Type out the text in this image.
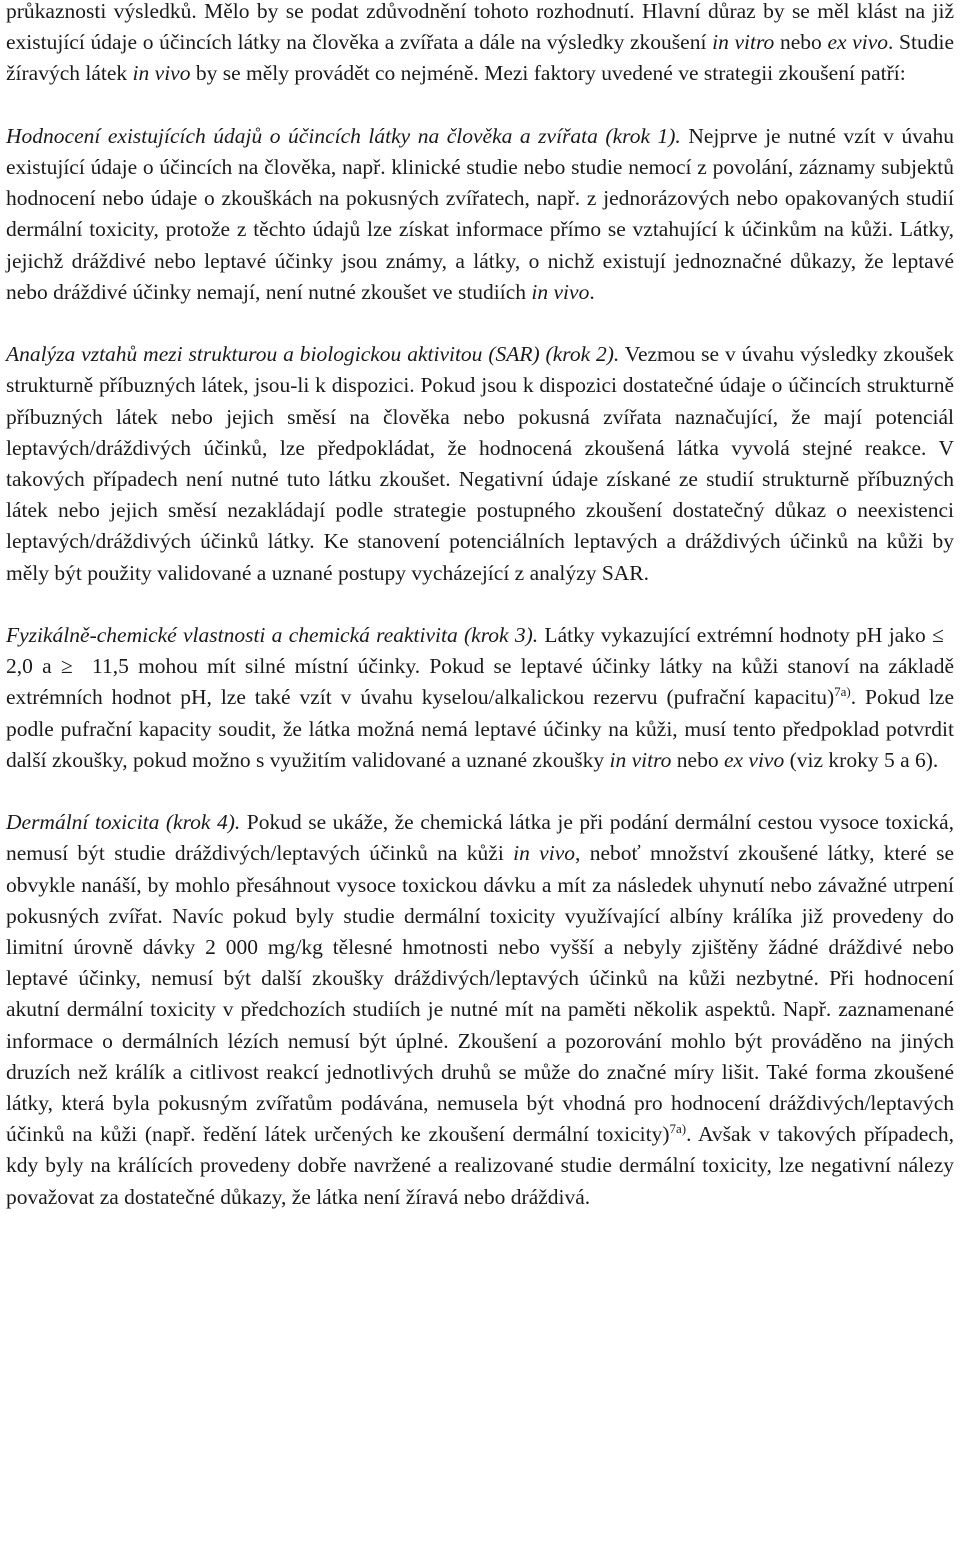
průkaznosti výsledků. Mělo by se podat zdůvodnění tohoto rozhodnutí. Hlavní důraz by se měl klást na již existující údaje o účincích látky na člověka a zvířata a dále na výsledky zkoušení in vitro nebo ex vivo. Studie žíravých látek in vivo by se měly provádět co nejméně. Mezi faktory uvedené ve strategii zkoušení patří:

Hodnocení existujících údajů o účincích látky na člověka a zvířata (krok 1). Nejprve je nutné vzít v úvahu existující údaje o účincích na člověka, např. klinické studie nebo studie nemocí z povolání, záznamy subjektů hodnocení nebo údaje o zkouškách na pokusných zvířatech, např. z jednorázových nebo opakovaných studií dermální toxicity, protože z těchto údajů lze získat informace přímo se vztahující k účinkům na kůži. Látky, jejichž dráždivé nebo leptavé účinky jsou známy, a látky, o nichž existují jednoznačné důkazy, že leptavé nebo dráždivé účinky nemají, není nutné zkoušet ve studiích in vivo.

Analýza vztahů mezi strukturou a biologickou aktivitou (SAR) (krok 2). Vezmou se v úvahu výsledky zkoušek strukturně příbuzných látek, jsou-li k dispozici. Pokud jsou k dispozici dostatečné údaje o účincích strukturně příbuzných látek nebo jejich směsí na člověka nebo pokusná zvířata naznačující, že mají potenciál leptavých/dráždivých účinků, lze předpokládat, že hodnocená zkoušená látka vyvolá stejné reakce. V takových případech není nutné tuto látku zkoušet. Negativní údaje získané ze studií strukturně příbuzných látek nebo jejich směsí nezakládají podle strategie postupného zkoušení dostatečný důkaz o neexistenci leptavých/dráždivých účinků látky. Ke stanovení potenciálních leptavých a dráždivých účinků na kůži by měly být použity validované a uznané postupy vycházející z analýzy SAR.

Fyzikálně-chemické vlastnosti a chemická reaktivita (krok 3). Látky vykazující extrémní hodnoty pH jako ≤ 2,0 a ≥ 11,5 mohou mít silné místní účinky. Pokud se leptavé účinky látky na kůži stanoví na základě extrémních hodnot pH, lze také vzít v úvahu kyselou/alkalickou rezervu (pufrační kapacitu)$^{7a)}$. Pokud lze podle pufrační kapacity soudit, že látka možná nemá leptavé účinky na kůži, musí tento předpoklad potvrdit další zkoušky, pokud možno s využitím validované a uznané zkoušky in vitro nebo ex vivo (viz kroky 5 a 6).

Dermální toxicita (krok 4). Pokud se ukáže, že chemická látka je při podání dermální cestou vysoce toxická, nemusí být studie dráždivých/leptavých účinků na kůži in vivo, neboť množství zkoušené látky, které se obvykle nanáší, by mohlo přesáhnout vysoce toxickou dávku a mít za následek uhynutí nebo závažné utrpení pokusných zvířat. Navíc pokud byly studie dermální toxicity využívající albíny králíka již provedeny do limitní úrovně dávky 2 000 mg/kg tělesné hmotnosti nebo vyšší a nebyly zjištěny žádné dráždivé nebo leptavé účinky, nemusí být další zkoušky dráždivých/leptavých účinků na kůži nezbytné. Při hodnocení akutní dermální toxicity v předchozích studiích je nutné mít na paměti několik aspektů. Např. zaznamenané informace o dermálních lézích nemusí být úplné. Zkoušení a pozorování mohlo být prováděno na jiných druzích než králík a citlivost reakcí jednotlivých druhů se může do značné míry lišit. Také forma zkoušené látky, která byla pokusným zvířatům podávána, nemusela být vhodná pro hodnocení dráždivých/leptavých účinků na kůži (např. ředění látek určených ke zkoušení dermální toxicity)$^{7a)}$. Avšak v takových případech, kdy byly na králících provedeny dobře navržené a realizované studie dermální toxicity, lze negativní nálezy považovat za dostatečné důkazy, že látka není žíravá nebo dráždivá.
